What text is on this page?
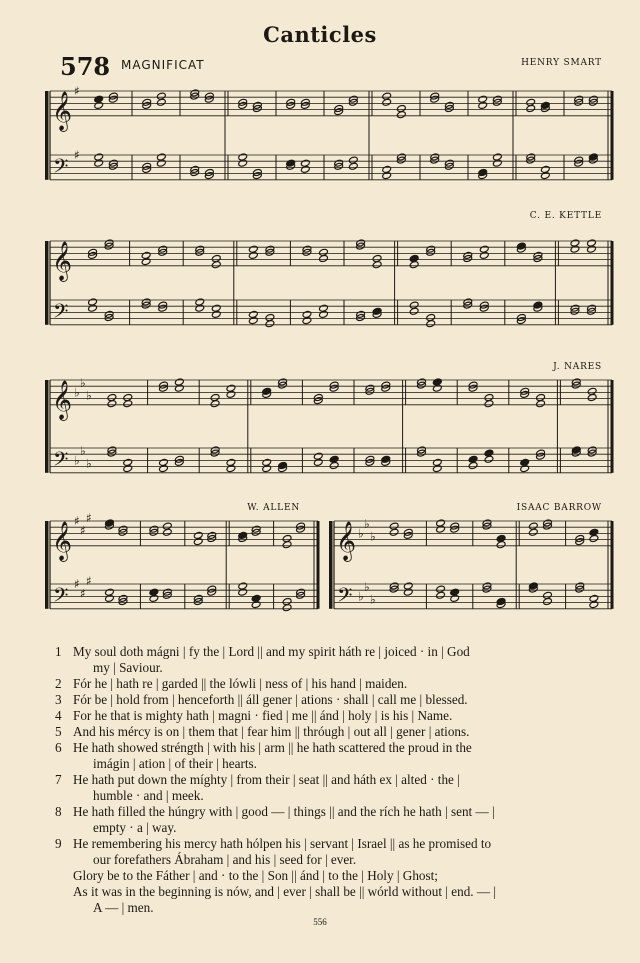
Canticles
578 MAGNIFICAT	HENRY SMART
C. E. KETTLE
J. NARES
W. ALLEN	ISAAC BARROW
𝄞
𝄢
♯
♯
𝄞
𝄢
𝄞
𝄢
♭
♭
♭
♭
♭
♭
𝄞
𝄢
♯
♯
♯
♯
♯
♯
𝄞
𝄢
♭
♭
♭
♭
♭
♭
1 My soul doth mágni | fy the | Lord || and my spirit háth re | joiced · in | God
my | Saviour.
2 Fór he | hath re | garded || the lówli | ness of | his hand | maiden.
3 Fór be | hold from | henceforth || áll gener | ations · shall | call me | blessed.
4 For he that is mighty hath | magni · fied | me || ánd | holy | is his | Name.
5 And his mércy is on | them that | fear him || thróugh | out all | gener | ations.
6 He hath showed stréngth | with his | arm || he hath scattered the proud in the
imágin | ation | of their | hearts.
7 He hath put down the míghty | from their | seat || and háth ex | alted · the |
humble · and | meek.
8 He hath filled the húngry with | good — | things || and the rích he hath | sent — |
empty · a | way.
9 He remembering his mercy hath hólpen his | servant | Israel || as he promised to
our forefathers Ábraham | and his | seed for | ever.
Glory be to the Fáther | and · to the | Son || ánd | to the | Holy | Ghost;
As it was in the beginning is nów, and | ever | shall be || wórld without | end. — |
A — | men.
556
